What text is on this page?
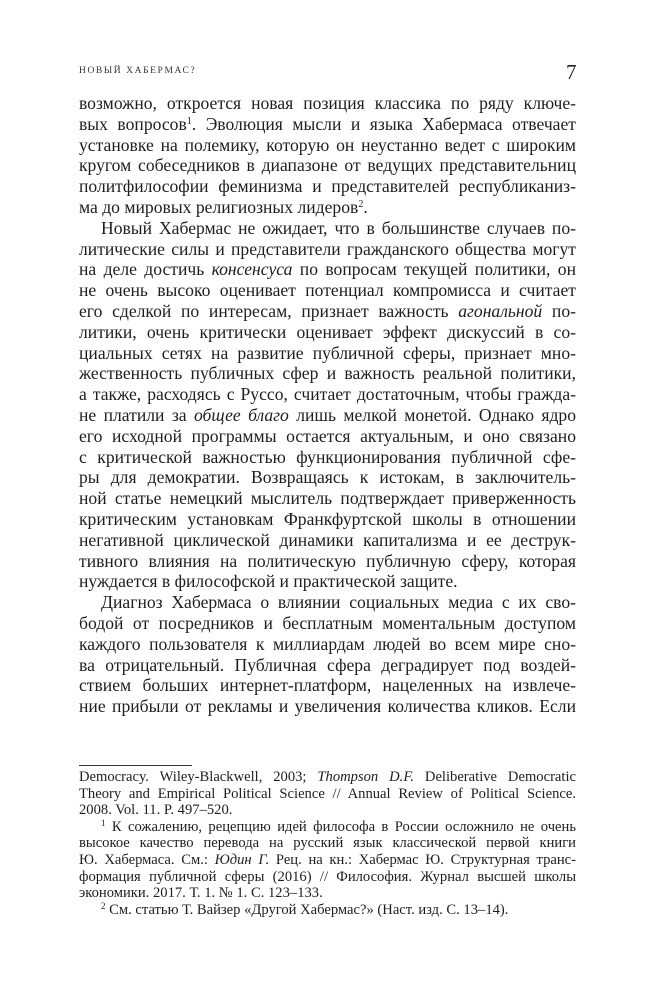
НОВЫЙ ХАБЕРМАС?	7
возможно, откроется новая позиция классика по ряду ключе-
вых вопросов$^1$. Эволюция мысли и языка Хабермаса отвечает
установке на полемику, которую он неустанно ведет с широким
кругом собеседников в диапазоне от ведущих представительниц
политфилософии феминизма и представителей республиканиз-
ма до мировых религиозных лидеров$^2$.
Новый Хабермас не ожидает, что в большинстве случаев по-
литические силы и представители гражданского общества могут
на деле достичь консенсуса по вопросам текущей политики, он
не очень высоко оценивает потенциал компромисса и считает
его сделкой по интересам, признает важность агональной по-
литики, очень критически оценивает эффект дискуссий в со-
циальных сетях на развитие публичной сферы, признает мно-
жественность публичных сфер и важность реальной политики,
а также, расходясь с Руссо, считает достаточным, чтобы гражда-
не платили за общее благо лишь мелкой монетой. Однако ядро
его исходной программы остается актуальным, и оно связано
с критической важностью функционирования публичной сфе-
ры для демократии. Возвращаясь к истокам, в заключитель-
ной статье немецкий мыслитель подтверждает приверженность
критическим установкам Франкфуртской школы в отношении
негативной циклической динамики капитализма и ее деструк-
тивного влияния на политическую публичную сферу, которая
нуждается в философской и практической защите.
Диагноз Хабермаса о влиянии социальных медиа с их сво-
бодой от посредников и бесплатным моментальным доступом
каждого пользователя к миллиардам людей во всем мире сно-
ва отрицательный. Публичная сфера деградирует под воздей-
ствием больших интернет-платформ, нацеленных на извлече-
ние прибыли от рекламы и увеличения количества кликов. Если
Democracy. Wiley-Blackwell, 2003; Thompson D.F. Deliberative Democratic
Theory and Empirical Political Science // Annual Review of Political Science.
2008. Vol. 11. P. 497–520.
$^1$ К сожалению, рецепцию идей философа в России осложнило не очень
высокое качество перевода на русский язык классической первой книги
Ю. Хабермаса. См.: Юдин Г. Рец. на кн.: Хабермас Ю. Структурная транс-
формация публичной сферы (2016) // Философия. Журнал высшей школы
экономики. 2017. Т. 1. № 1. С. 123–133.
$^2$ См. статью Т. Вайзер «Другой Хабермас?» (Наст. изд. С. 13–14).
